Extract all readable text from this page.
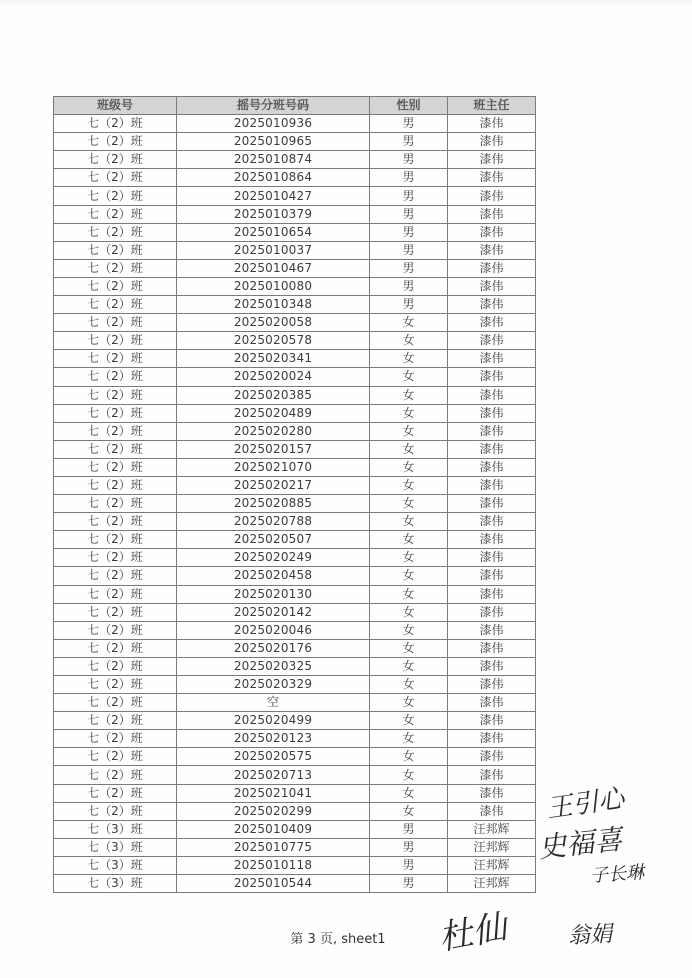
班级号	摇号分班号码	性别	班主任
七（2）班	2025010936	男	漆伟
七（2）班	2025010965	男	漆伟
七（2）班	2025010874	男	漆伟
七（2）班	2025010864	男	漆伟
七（2）班	2025010427	男	漆伟
七（2）班	2025010379	男	漆伟
七（2）班	2025010654	男	漆伟
七（2）班	2025010037	男	漆伟
七（2）班	2025010467	男	漆伟
七（2）班	2025010080	男	漆伟
七（2）班	2025010348	男	漆伟
七（2）班	2025020058	女	漆伟
七（2）班	2025020578	女	漆伟
七（2）班	2025020341	女	漆伟
七（2）班	2025020024	女	漆伟
七（2）班	2025020385	女	漆伟
七（2）班	2025020489	女	漆伟
七（2）班	2025020280	女	漆伟
七（2）班	2025020157	女	漆伟
七（2）班	2025021070	女	漆伟
七（2）班	2025020217	女	漆伟
七（2）班	2025020885	女	漆伟
七（2）班	2025020788	女	漆伟
七（2）班	2025020507	女	漆伟
七（2）班	2025020249	女	漆伟
七（2）班	2025020458	女	漆伟
七（2）班	2025020130	女	漆伟
七（2）班	2025020142	女	漆伟
七（2）班	2025020046	女	漆伟
七（2）班	2025020176	女	漆伟
七（2）班	2025020325	女	漆伟
七（2）班	2025020329	女	漆伟
七（2）班	空	女	漆伟
七（2）班	2025020499	女	漆伟
七（2）班	2025020123	女	漆伟
七（2）班	2025020575	女	漆伟
七（2）班	2025020713	女	漆伟
七（2）班	2025021041	女	漆伟
七（2）班	2025020299	女	漆伟
七（3）班	2025010409	男	汪邦辉
七（3）班	2025010775	男	汪邦辉
七（3）班	2025010118	男	汪邦辉
七（3）班	2025010544	男	汪邦辉
第 3 页, sheet1
王引心
史福喜
子长琳
杜仙	翁娟
